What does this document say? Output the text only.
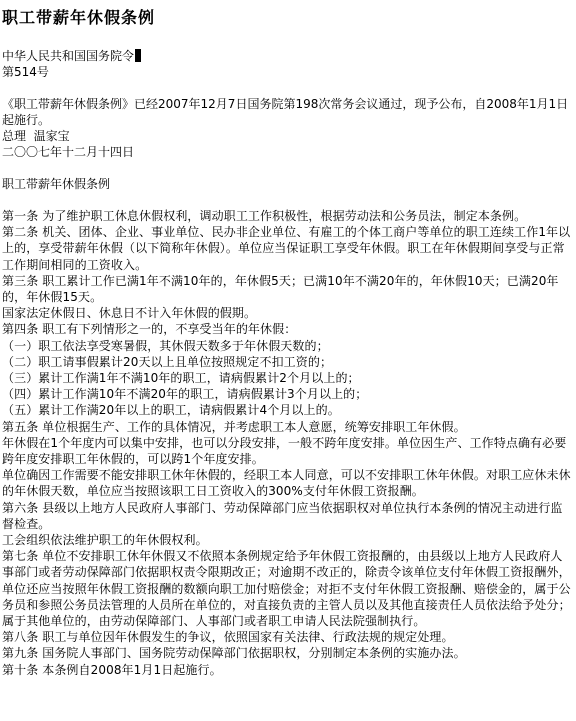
职工带薪年休假条例

中华人民共和国国务院令

第514号

《职工带薪年休假条例》已经2007年12月7日国务院第198次常务会议通过，现予公布，自2008年1月1日起施行。

总理  温家宝

二〇〇七年十二月十四日

职工带薪年休假条例

第一条 为了维护职工休息休假权利，调动职工工作积极性，根据劳动法和公务员法，制定本条例。

第二条 机关、团体、企业、事业单位、民办非企业单位、有雇工的个体工商户等单位的职工连续工作1年以上的，享受带薪年休假（以下简称年休假）。单位应当保证职工享受年休假。职工在年休假期间享受与正常工作期间相同的工资收入。

第三条 职工累计工作已满1年不满10年的，年休假5天；已满10年不满20年的，年休假10天；已满20年的，年休假15天。

国家法定休假日、休息日不计入年休假的假期。

第四条 职工有下列情形之一的，不享受当年的年休假：

（一）职工依法享受寒暑假，其休假天数多于年休假天数的；

（二）职工请事假累计20天以上且单位按照规定不扣工资的；

（三）累计工作满1年不满10年的职工，请病假累计2个月以上的；

（四）累计工作满10年不满20年的职工，请病假累计3个月以上的；

（五）累计工作满20年以上的职工，请病假累计4个月以上的。

第五条 单位根据生产、工作的具体情况，并考虑职工本人意愿，统筹安排职工年休假。

年休假在1个年度内可以集中安排，也可以分段安排，一般不跨年度安排。单位因生产、工作特点确有必要跨年度安排职工年休假的，可以跨1个年度安排。

单位确因工作需要不能安排职工休年休假的，经职工本人同意，可以不安排职工休年休假。对职工应休未休的年休假天数，单位应当按照该职工日工资收入的300%支付年休假工资报酬。

第六条 县级以上地方人民政府人事部门、劳动保障部门应当依据职权对单位执行本条例的情况主动进行监督检查。

工会组织依法维护职工的年休假权利。

第七条 单位不安排职工休年休假又不依照本条例规定给予年休假工资报酬的，由县级以上地方人民政府人事部门或者劳动保障部门依据职权责令限期改正；对逾期不改正的，除责令该单位支付年休假工资报酬外，单位还应当按照年休假工资报酬的数额向职工加付赔偿金；对拒不支付年休假工资报酬、赔偿金的，属于公务员和参照公务员法管理的人员所在单位的，对直接负责的主管人员以及其他直接责任人员依法给予处分；属于其他单位的，由劳动保障部门、人事部门或者职工申请人民法院强制执行。

第八条 职工与单位因年休假发生的争议，依照国家有关法律、行政法规的规定处理。

第九条 国务院人事部门、国务院劳动保障部门依据职权，分别制定本条例的实施办法。

第十条 本条例自2008年1月1日起施行。
